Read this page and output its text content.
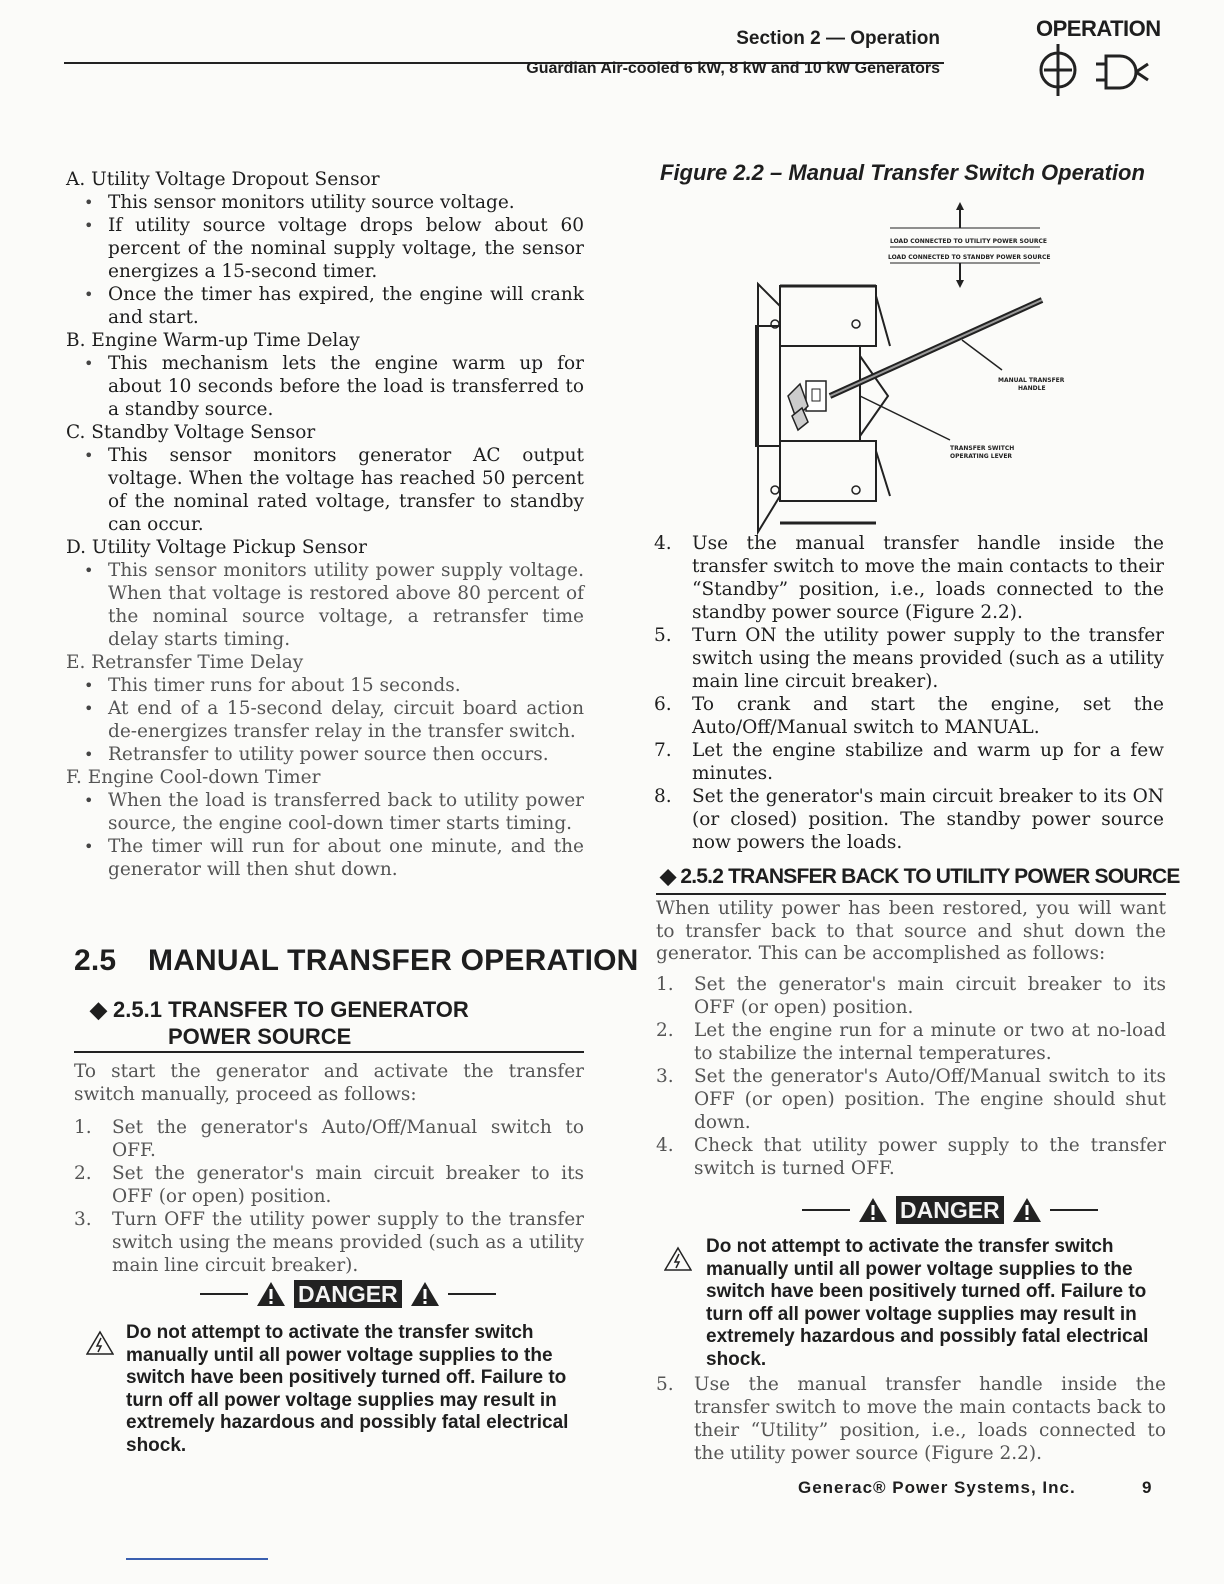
Section 2 — Operation
Guardian Air-cooled 6 kW, 8 kW and 10 kW Generators
OPERATION

A. Utility Voltage Dropout Sensor

• This sensor monitors utility source voltage.
• If utility source voltage drops below about 60 percent of the nominal supply voltage, the sensor energizes a 15-second timer.
• Once the timer has expired, the engine will crank and start.

B. Engine Warm-up Time Delay

• This mechanism lets the engine warm up for about 10 seconds before the load is transferred to a standby source.

C. Standby Voltage Sensor

• This sensor monitors generator AC output voltage. When the voltage has reached 50 percent of the nominal rated voltage, transfer to standby can occur.

D. Utility Voltage Pickup Sensor

• This sensor monitors utility power supply voltage. When that voltage is restored above 80 percent of the nominal source voltage, a retransfer time delay starts timing.

E. Retransfer Time Delay

• This timer runs for about 15 seconds.
• At end of a 15-second delay, circuit board action de-energizes transfer relay in the transfer switch.
• Retransfer to utility power source then occurs.

F. Engine Cool-down Timer

• When the load is transferred back to utility power source, the engine cool-down timer starts timing.
• The timer will run for about one minute, and the generator will then shut down.
2.5 MANUAL TRANSFER OPERATION
◆ 2.5.1 TRANSFER TO GENERATOR
POWER SOURCE
To start the generator and activate the transfer switch manually, proceed as follows:
1. Set the generator's Auto/Off/Manual switch to OFF.
2. Set the generator's main circuit breaker to its OFF (or open) position.
3. Turn OFF the utility power supply to the transfer switch using the means provided (such as a utility main line circuit breaker).
DANGER
Do not attempt to activate the transfer switch manually until all power voltage supplies to the switch have been positively turned off. Failure to turn off all power voltage supplies may result in extremely hazardous and possibly fatal electrical shock.
Figure 2.2 – Manual Transfer Switch Operation
LOAD CONNECTED TO UTILITY POWER SOURCE
LOAD CONNECTED TO STANDBY POWER SOURCE
MANUAL TRANSFER
HANDLE
TRANSFER SWITCH
OPERATING LEVER
4. Use the manual transfer handle inside the transfer switch to move the main contacts to their “Standby” position, i.e., loads connected to the standby power source (Figure 2.2).
5. Turn ON the utility power supply to the transfer switch using the means provided (such as a utility main line circuit breaker).
6. To crank and start the engine, set the Auto/Off/Manual switch to MANUAL.
7. Let the engine stabilize and warm up for a few minutes.
8. Set the generator's main circuit breaker to its ON (or closed) position. The standby power source now powers the loads.
◆ 2.5.2 TRANSFER BACK TO UTILITY POWER SOURCE
When utility power has been restored, you will want to transfer back to that source and shut down the generator. This can be accomplished as follows:
1. Set the generator's main circuit breaker to its OFF (or open) position.
2. Let the engine run for a minute or two at no-load to stabilize the internal temperatures.
3. Set the generator's Auto/Off/Manual switch to its OFF (or open) position. The engine should shut down.
4. Check that utility power supply to the transfer switch is turned OFF.
DANGER
Do not attempt to activate the transfer switch manually until all power voltage supplies to the switch have been positively turned off. Failure to turn off all power voltage supplies may result in extremely hazardous and possibly fatal electrical shock.
5. Use the manual transfer handle inside the transfer switch to move the main contacts back to their “Utility” position, i.e., loads connected to the utility power source (Figure 2.2).
Generac® Power Systems, Inc.	9
